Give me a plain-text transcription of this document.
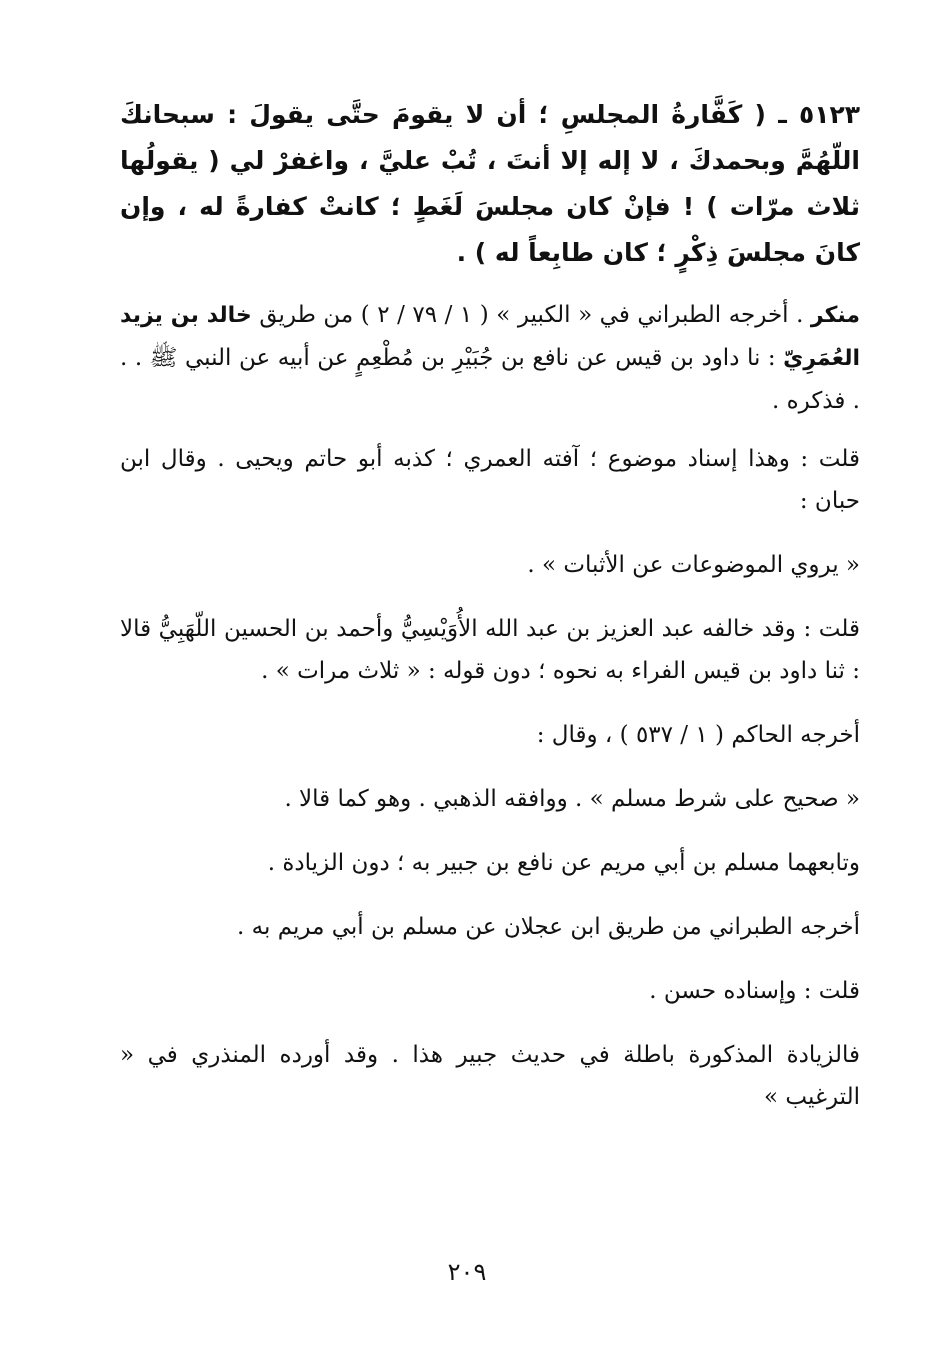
٥١٢٣ ـ ( كَفَّارةُ المجلسِ ؛ أن لا يقومَ حتَّى يقولَ : سبحانكَ اللّهُمَّ وبحمدكَ ، لا إله إلا أنتَ ، تُبْ عليَّ ، واغفرْ لي ( يقولُها ثلاث مرّات ) ! فإنْ كان مجلسَ لَغَطٍ ؛ كانتْ كفارةً له ، وإن كانَ مجلسَ ذِكْرٍ ؛ كان طابِعاً له ) .

منكر . أخرجه الطبراني في « الكبير » ( ١ / ٧٩ / ٢ ) من طريق خالد بن يزيد العُمَرِيّ : نا داود بن قيس عن نافع بن جُبَيْرِ بن مُطْعِمٍ عن أبيه عن النبي ﷺ . . . فذكره .

قلت : وهذا إسناد موضوع ؛ آفته العمري ؛ كذبه أبو حاتم ويحيى . وقال ابن حبان :

« يروي الموضوعات عن الأثبات » .

قلت : وقد خالفه عبد العزيز بن عبد الله الأُوَيْسِيُّ وأحمد بن الحسين اللّهَبِيُّ قالا : ثنا داود بن قيس الفراء به نحوه ؛ دون قوله : « ثلاث مرات » .

أخرجه الحاكم ( ١ / ٥٣٧ ) ، وقال :

« صحيح على شرط مسلم » . ووافقه الذهبي . وهو كما قالا .

وتابعهما مسلم بن أبي مريم عن نافع بن جبير به ؛ دون الزيادة .

أخرجه الطبراني من طريق ابن عجلان عن مسلم بن أبي مريم به .

قلت : وإسناده حسن .

فالزيادة المذكورة باطلة في حديث جبير هذا . وقد أورده المنذري في « الترغيب »

٢٠٩
